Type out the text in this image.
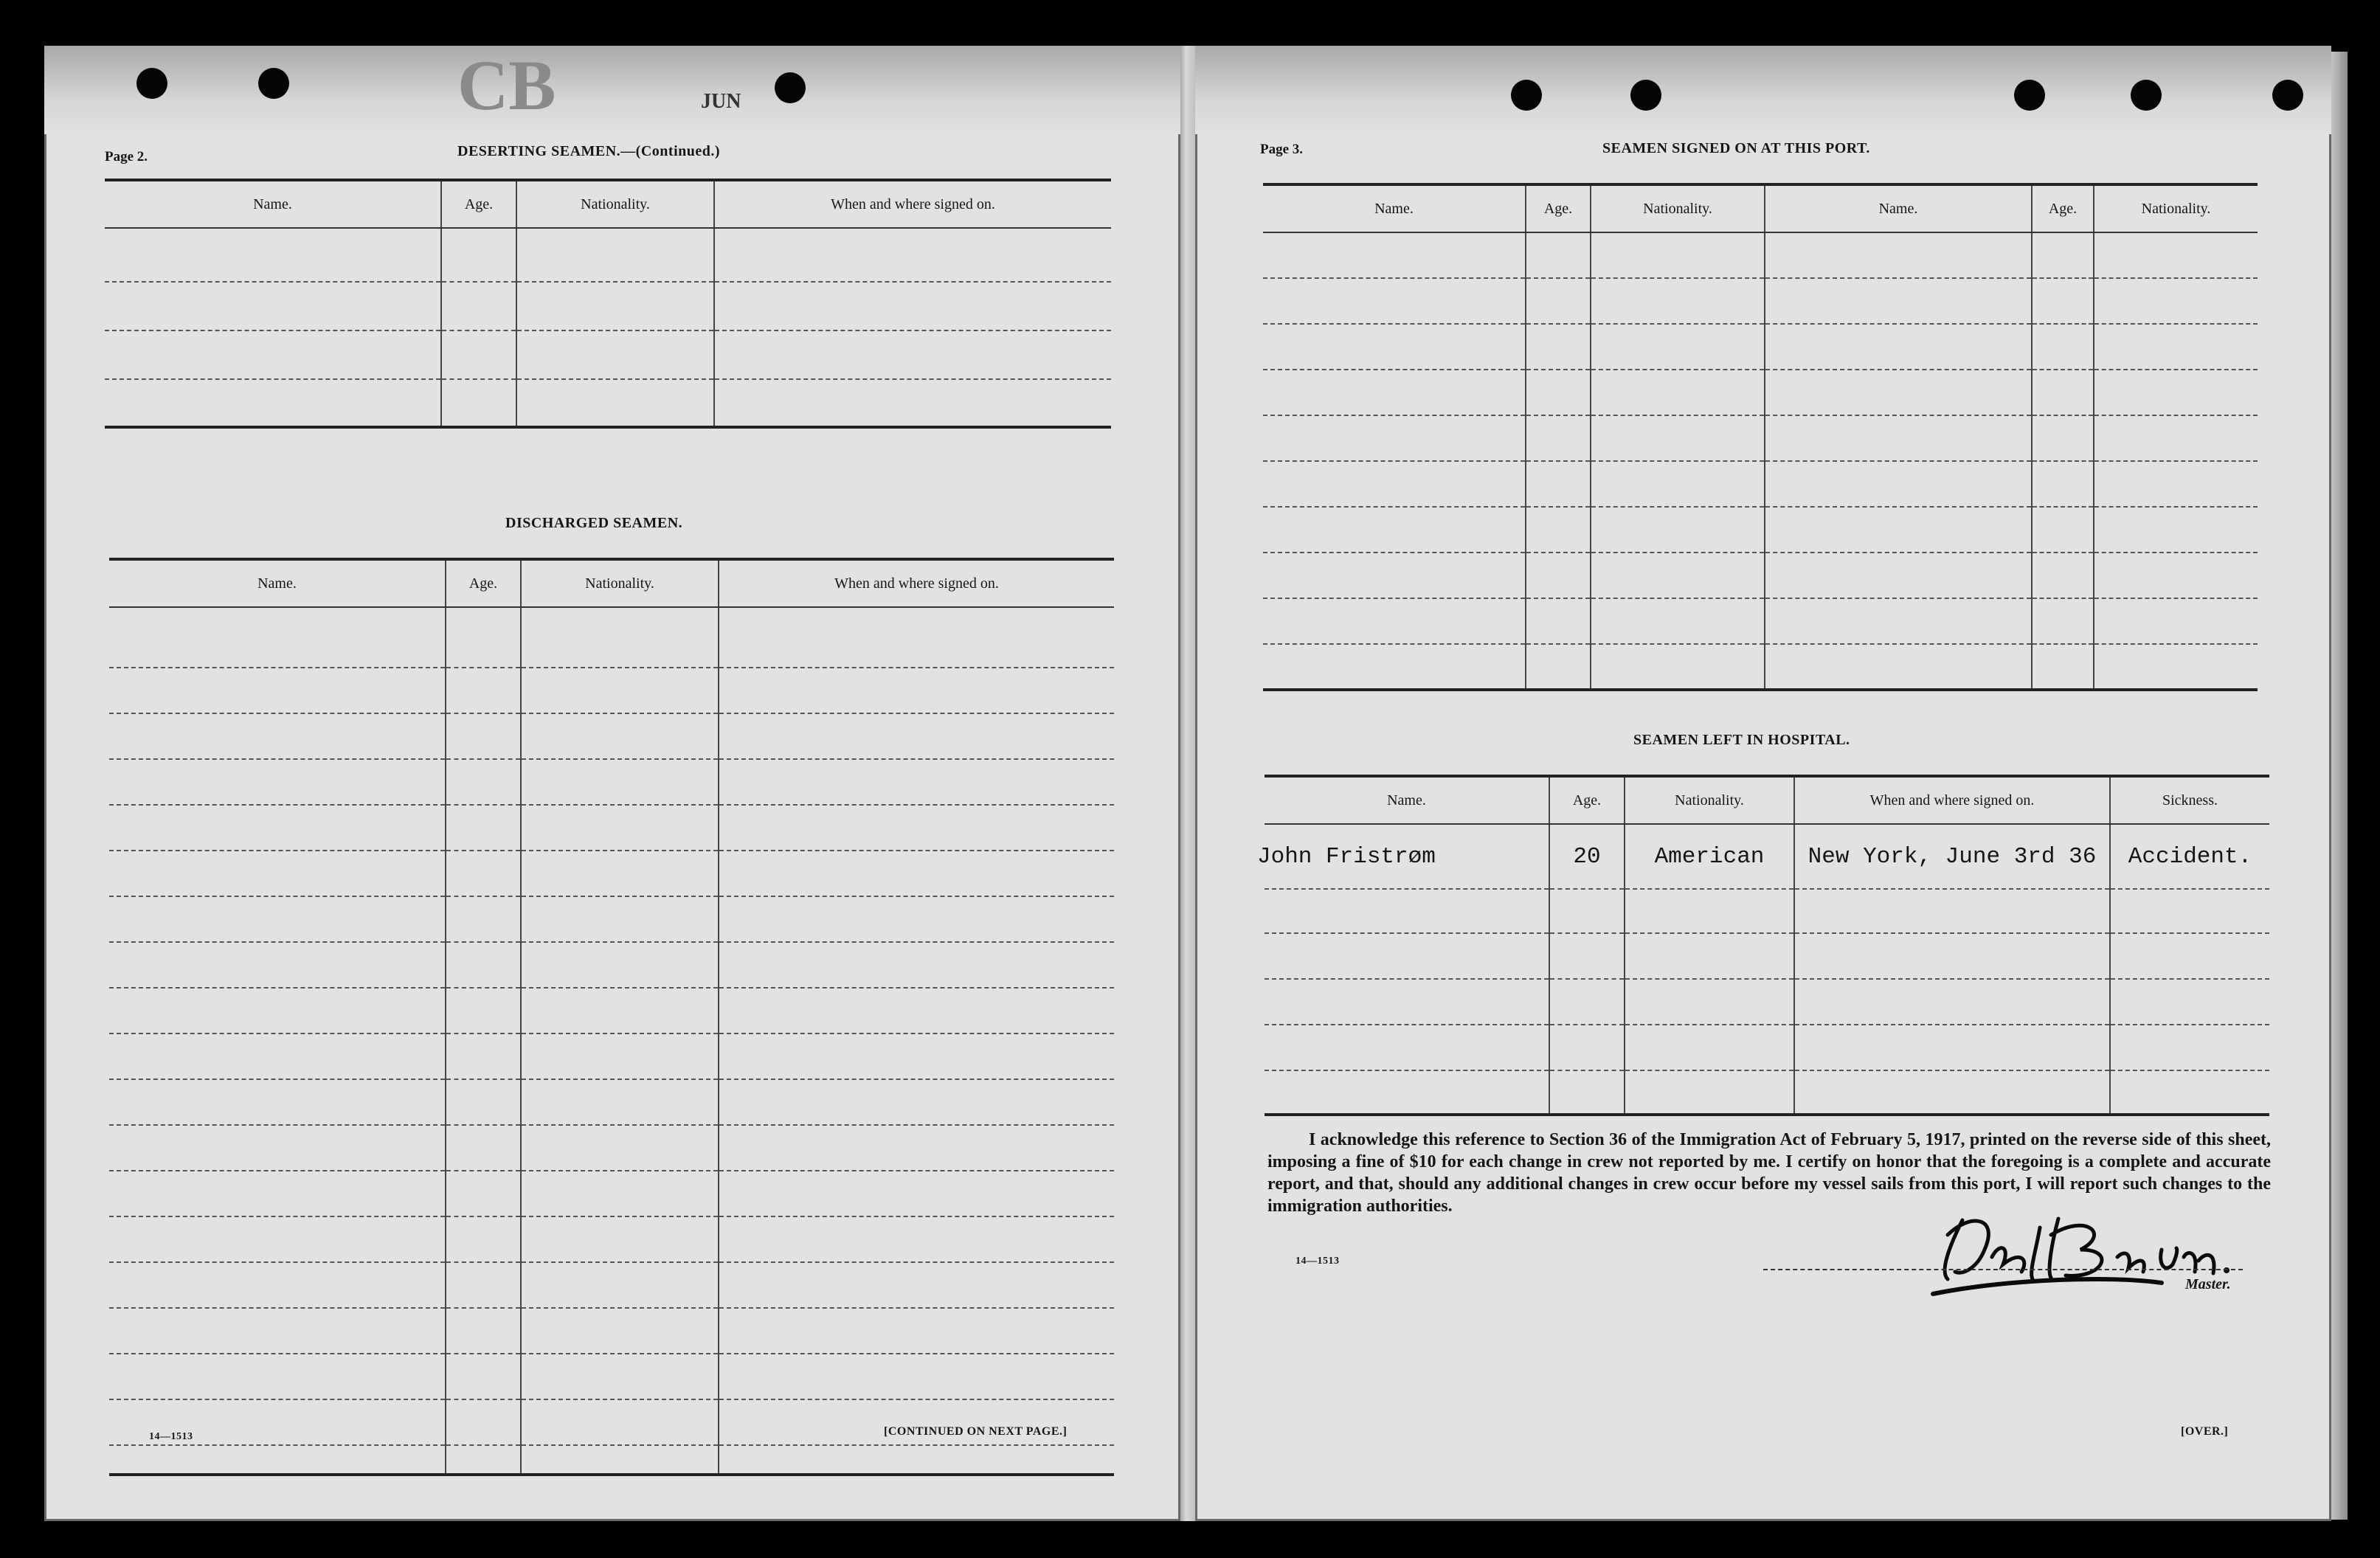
CB	JUN
Page 2.	DESERTING SEAMEN.—(Continued.)
Name.	Age.	Nationality.	When and where signed on.

DISCHARGED SEAMEN.
Name.	Age.	Nationality.	When and where signed on.

14—1513	[CONTINUED ON NEXT PAGE.]
Page 3.	SEAMEN SIGNED ON AT THIS PORT.
Name.	Age.	Nationality.	Name.	Age.	Nationality.

SEAMEN LEFT IN HOSPITAL.
Name.	Age.	Nationality.	When and where signed on.	Sickness.
John Fristrøm	20	American	New York, June 3rd 36	Accident.

I acknowledge this reference to Section 36 of the Immigration Act of February 5, 1917, printed on the reverse side of this sheet, imposing a fine of $10 for each change in crew not reported by me. I certify on honor that the foregoing is a complete and accurate report, and that, should any additional changes in crew occur before my vessel sails from this port, I will report such changes to the immigration authorities.
14—1513
Master.
[OVER.]
